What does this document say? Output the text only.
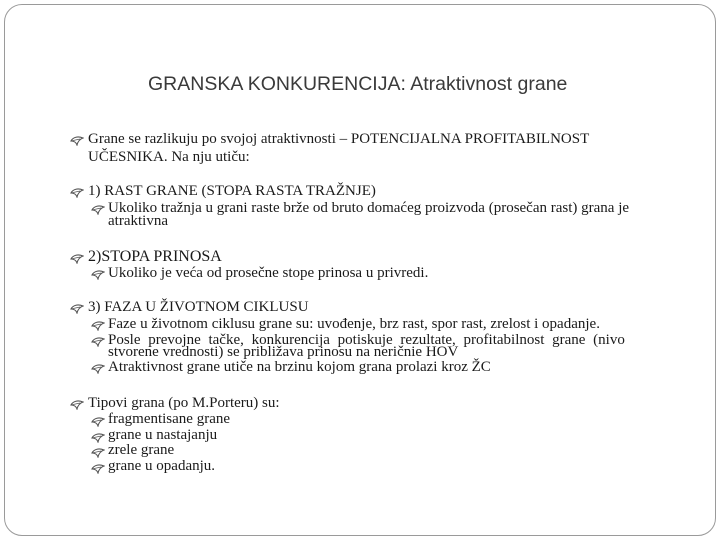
GRANSKA KONKURENCIJA: Atraktivnost grane
Grane se razlikuju po svojoj atraktivnosti – POTENCIJALNA PROFITABILNOST
UČESNIKA. Na nju utiču:
1) RAST GRANE (STOPA RASTA TRAŽNJE)
Ukoliko tražnja u grani raste brže od bruto domaćeg proizvoda (prosečan rast) grana je
atraktivna
2)STOPA PRINOSA
Ukoliko je veća od prosečne stope prinosa u privredi.
3) FAZA U ŽIVOTNOM CIKLUSU
Faze u životnom ciklusu grane su: uvođenje, brz rast, spor rast, zrelost i opadanje.
Posle prevojne tačke, konkurencija potiskuje rezultate, profitabilnost grane (nivo
stvorene vrednosti) se približava prinosu na neričnie HOV
Atraktivnost grane utiče na brzinu kojom grana prolazi kroz ŽC
Tipovi grana (po M.Porteru) su:
fragmentisane grane
grane u nastajanju
zrele grane
grane u opadanju.
